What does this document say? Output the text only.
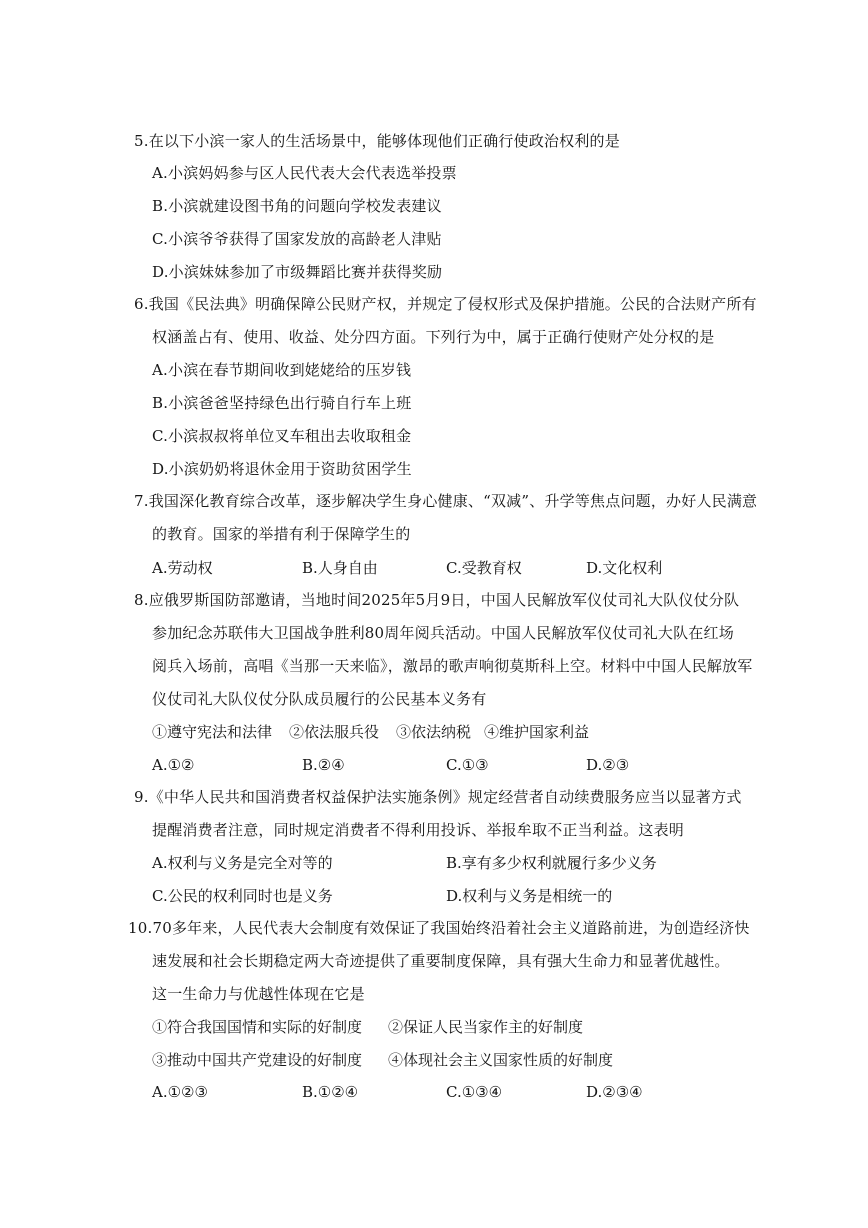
5.在以下小滨一家人的生活场景中，能够体现他们正确行使政治权利的是
A.小滨妈妈参与区人民代表大会代表选举投票
B.小滨就建设图书角的问题向学校发表建议
C.小滨爷爷获得了国家发放的高龄老人津贴
D.小滨妹妹参加了市级舞蹈比赛并获得奖励
6.我国《民法典》明确保障公民财产权，并规定了侵权形式及保护措施。公民的合法财产所有
权涵盖占有、使用、收益、处分四方面。下列行为中，属于正确行使财产处分权的是
A.小滨在春节期间收到姥姥给的压岁钱
B.小滨爸爸坚持绿色出行骑自行车上班
C.小滨叔叔将单位叉车租出去收取租金
D.小滨奶奶将退休金用于资助贫困学生
7.我国深化教育综合改革，逐步解决学生身心健康、“双减”、升学等焦点问题，办好人民满意
的教育。国家的举措有利于保障学生的
A.劳动权	B.人身自由	C.受教育权	D.文化权利
8.应俄罗斯国防部邀请，当地时间2025年5月9日，中国人民解放军仪仗司礼大队仪仗分队
参加纪念苏联伟大卫国战争胜利80周年阅兵活动。中国人民解放军仪仗司礼大队在红场
阅兵入场前，高唱《当那一天来临》，激昂的歌声响彻莫斯科上空。材料中中国人民解放军
仪仗司礼大队仪仗分队成员履行的公民基本义务有
①遵守宪法和法律 ②依法服兵役 ③依法纳税 ④维护国家利益
A.①②	B.②④	C.①③	D.②③
9.《中华人民共和国消费者权益保护法实施条例》规定经营者自动续费服务应当以显著方式
提醒消费者注意，同时规定消费者不得利用投诉、举报牟取不正当利益。这表明
A.权利与义务是完全对等的	B.享有多少权利就履行多少义务
C.公民的权利同时也是义务	D.权利与义务是相统一的
10.70多年来，人民代表大会制度有效保证了我国始终沿着社会主义道路前进，为创造经济快
速发展和社会长期稳定两大奇迹提供了重要制度保障，具有强大生命力和显著优越性。
这一生命力与优越性体现在它是
①符合我国国情和实际的好制度 ②保证人民当家作主的好制度
③推动中国共产党建设的好制度 ④体现社会主义国家性质的好制度
A.①②③	B.①②④	C.①③④	D.②③④
